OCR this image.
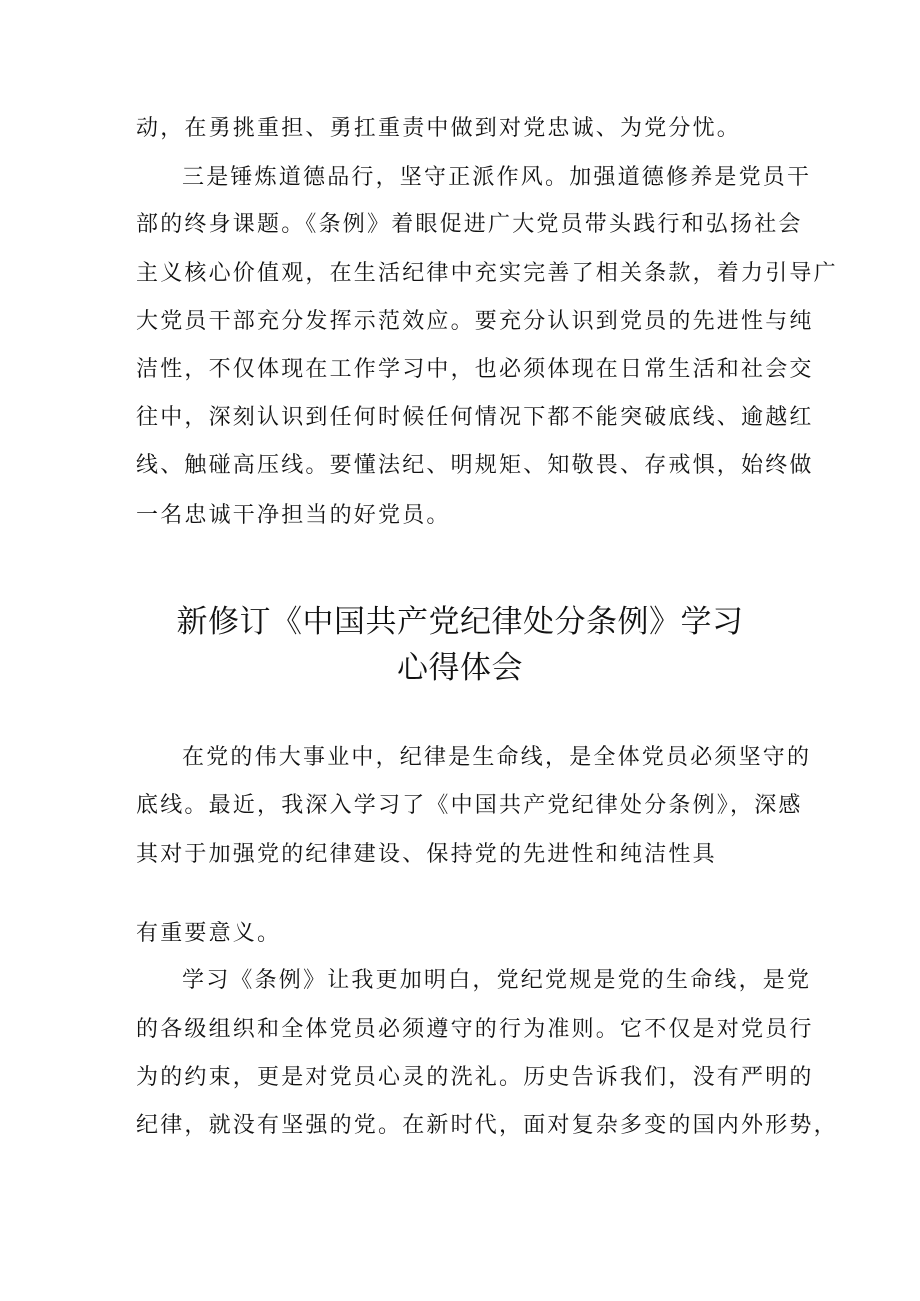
动，在勇挑重担、勇扛重责中做到对党忠诚、为党分忧。
三是锤炼道德品行，坚守正派作风。加强道德修养是党员干
部的终身课题。《条例》着眼促进广大党员带头践行和弘扬社会
主义核心价值观，在生活纪律中充实完善了相关条款，着力引导广
大党员干部充分发挥示范效应。要充分认识到党员的先进性与纯
洁性，不仅体现在工作学习中，也必须体现在日常生活和社会交
往中，深刻认识到任何时候任何情况下都不能突破底线、逾越红
线、触碰高压线。要懂法纪、明规矩、知敬畏、存戒惧，始终做
一名忠诚干净担当的好党员。
新修订《中国共产党纪律处分条例》学习
心得体会
在党的伟大事业中，纪律是生命线，是全体党员必须坚守的
底线。最近，我深入学习了《中国共产党纪律处分条例》，深感
其对于加强党的纪律建设、保持党的先进性和纯洁性具
有重要意义。
学习《条例》让我更加明白，党纪党规是党的生命线，是党
的各级组织和全体党员必须遵守的行为准则。它不仅是对党员行
为的约束，更是对党员心灵的洗礼。历史告诉我们，没有严明的
纪律，就没有坚强的党。在新时代，面对复杂多变的国内外形势，
